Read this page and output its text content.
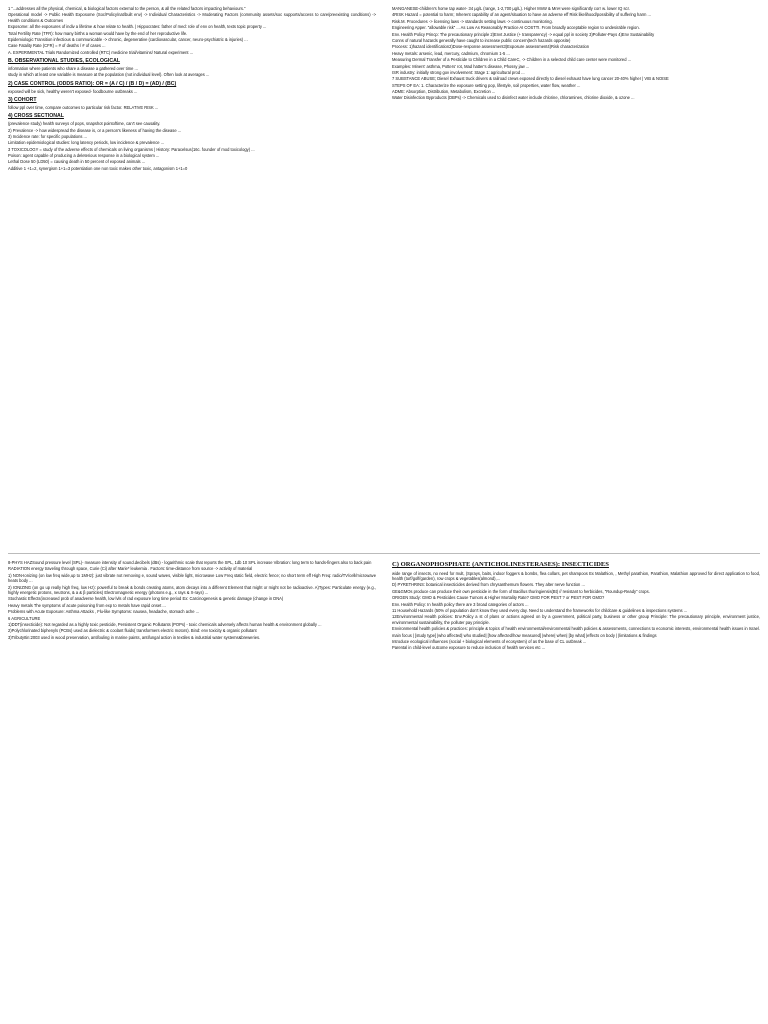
1 "...addresses all the physical, chemical, & biological factors external to the person, & all the related factors impacting behaviours."
Operational model -> Public Health Exposome (Soc/Policy/nat/built env) -> Individual Characteristics -> Moderating Factors (community assets/soc supports/access to care/preexisting conditions) -> Health conditions & Outcomes
Exposome: all the exposures of indiv a lifetime & how relate to health. | Hippocrates: father of med: role of env on health, texts topic property ...
Total Fertility Rate (TFR): how many births a woman would have by the end of her reproductive life.
Epidemiologic Transition infectious & communicable -> chronic, degenerative (cardiovascular, cancer, neuro-psychiatric & injuries) ...
Case Fatality Rate (CFR) = # of deaths / # of cases ...
A. EXPERIMENTAL Trials Randomized controlled (RTC) medicine trial/vitamins/ Natural experiment ...
B. OBSERVATIONAL STUDIES, ECOLOGICAL
information where patients who share a disease a gathered over time ...
study in which at least one variable is measure at the population (not individual level). Often look at averages ...
2) CASE CONTROL (ODDS RATIO): OR = (A / C) / (B / D) = (AD) / (BC)
exposed will be sick, healthy weren't exposed- foodbourne outbreaks ...
3) COHORT
follow ppl over time, compare outcomes to particular risk factor. RELATIVE RISK ...
4) CROSS SECTIONAL
(prevalence study) health surveys of pops, snapshot pointoftime, can't see causality.
2) Prevalence -> how widespread the disease is, or a person's likeness of having the disease ...
3) Incidence rate: for specific populations ...
Limitation epidemiological studies: long latency periods, low incidence & prevalence ...
3 TOXICOLOGY = study of the adverse effects of chemicals on living organisms | History: Paracelsus(16c. founder of mod toxicology) ...
Poison: agent capable of producing a deleterious response in a biological system ...
Lethal Dose 50 (LD50) = causing death in 50 percent of exposed animals ...
Additive 1 +1=2, synergism 1+1=3 potentiation one non toxic makes other toxic, antagonism 1+1=0
MANGANESE-children's home tap water- 34 µg/L (range, 1-2,700 µg/L). Higher MnW & MnH were significantly corr w. lower IQ scr.
4RISK Hazard = potential to harm; Inherent capability of an agent/situation to have an adverse eff Risk likelihood/possibility of suffering harm ...
Risk.M. Procedures -> licensing laws -> standards setting laws -> continuous monitoring.
Engineering Apper. "allowable risk" ... As Low As Reasonably Practice AI COSTTI. From broadly acceptable region to undesirable region.
Env. Health Policy Princp: The precautionary principle 2)Envt Justice (+ transparency) -> equal ppl in society 3)Polluter-Pays 4)Env Sustainability
Conns of natural hazards generally have caught to increase public concern(tech hazards opposite)
Process: 1)hazard identification2)Dose-response assessment3)Exposure assessment4)Risk characterization
Heavy metals: arsenic, lead, mercury, cadmium, chromium 1-5 ...
Measuring Dermal Transfer of a Pesticide to Children in a Child CareC, -> Children in a selected child care center were monitored ...
Examples: Miners' asthma, Potters' rot, Mad hatter's disease, Phossy jaw ...
ISR industry: initially strong gov involvement: Stage 1: agricultural prod ...
7 SUBSTANCE ABUSE; Diesel Exhaust truck drivers & railroad crews exposed directly to diesel exhaust have lung cancer 20-40% higher | VIB & NOISE
STEPS OF EA: 1. Characterize the exposure setting pop, lifestyle, soil properties, water flow, weather ...
ADME: Absorption, Distribution, Metabolism, Excretion ...
Water Disinfection Byproducts (DBPs) -> Chemicals used to disinfect water include chlorine, chloramines, chlorine dioxide, & ozone ...
8-PHYS HAZSound pressure level (SPL)- measure intensity of sound.decibels (dBs) - logarithmic scale that reports the SPL, 1db 10 SPL increase Vibration: long term to hands-fingers also to back pain
RADIATION energy traveling through space, Curie (Ci) after Marie* leukemia . Factors: time-distance from source -> activity of material
1) NON-Ionizing (on low freq wide,up to 1MHz): just vibrate not removing e, sound waves, visible light, microwave Low Freq static field, electric fence; no short term eff High Freq: radio/TV/cell/microwave heats body ...
2) IONIZING (on go up really high freq, low Hz): powerful to break & bonds creating atoms, atom decays into a different Element that might or might not be radioactive. A)Types: Particulate energy (e.g., highly energetic protons, neutrons, & a & β particles) Electromagnetic energy (photons e.g., x rays & X-rays) ...
Stochastic Effects(increased prob of anadverse health, low lvls of rad exposure long time period Ex: Carcinogenesis & genetic damage (change in DNA)
Heavy metals The symptoms of acute poisoning from exp to metals have rapid onset ...
Problems with Acute Exposure: Asthma Attacks , Flu-like Symptoms: nausea, headache, stomach ache ...
6 AGRICULTURE
1)DDT(insecticide): Not regarded as a highly toxic pesticide, Persistent Organic Pollutants (POPs) - toxic chemicals adversely affects human health & environment globally ...
2)Polychlorinated biphenyls (PCBs) used as dielectric & coolant fluids( transformers electric motors). Bind: env toxicity & organic pollutant
3)TributyItin:2003 used in wood preservation, antifouling in marine paints, antifungal action in textiles & industrial water systems&breweries.
C) ORGANOPHOSPHATE (ANTICHOLINESTERASES): INSECTICIDES
wide range of insects, no need for mult, (Sprays, baits, indoor foggers & bombs, flea collars, pet shampoos Ex Malathion, , Methyl parathion, Parathion, Malathion approved for direct application to food, health (turf/golf/garden), row crops & vegetables(almond),...
D) PYRETHRINS: botanical insecticides derived from chrysanthemum flowers. They alter nerve function ...
GE&GMOs produce can produce their own pesticide in the form of Bacillus thuringiensis(Bt) // resistant to herbicides, "Roundup-Ready" crops.
ORIGEN Study: GMO & Pesticides Cause Tumors & Higher Mortality Rate? GMO FOR PEST ? or PEST FOR GMO?
Env. Health Policy: In health policy there are 3 broad categories of actors ...
11 Household Hazards (50% of population don't know they used every day. Need to understand the frameworks for childcare & guidelines & inspections systems ...
12Environmental Health policies: Env.Policy a st of plans or actions agreed on by a government, political party, business or other group Principle: The precautionary principle, environment justice, environmental sustainability, the polluter pay principle.
Environmental health policies & practices: principle & topics of health environmental/environmental health policies & assessments, connections to economic interests, environmental health issues in Israel.
main focus | [study type] |who affected| who studied| [how affected/how measured] |where| when| [by what] |effects on body | |limitations & findings
Introduce ecological influences (social + biological elements of ecosystem) of as the base of CL outbreak ...
Parental in child-level outcome exposure to reduce inclusion of health services etc ...
